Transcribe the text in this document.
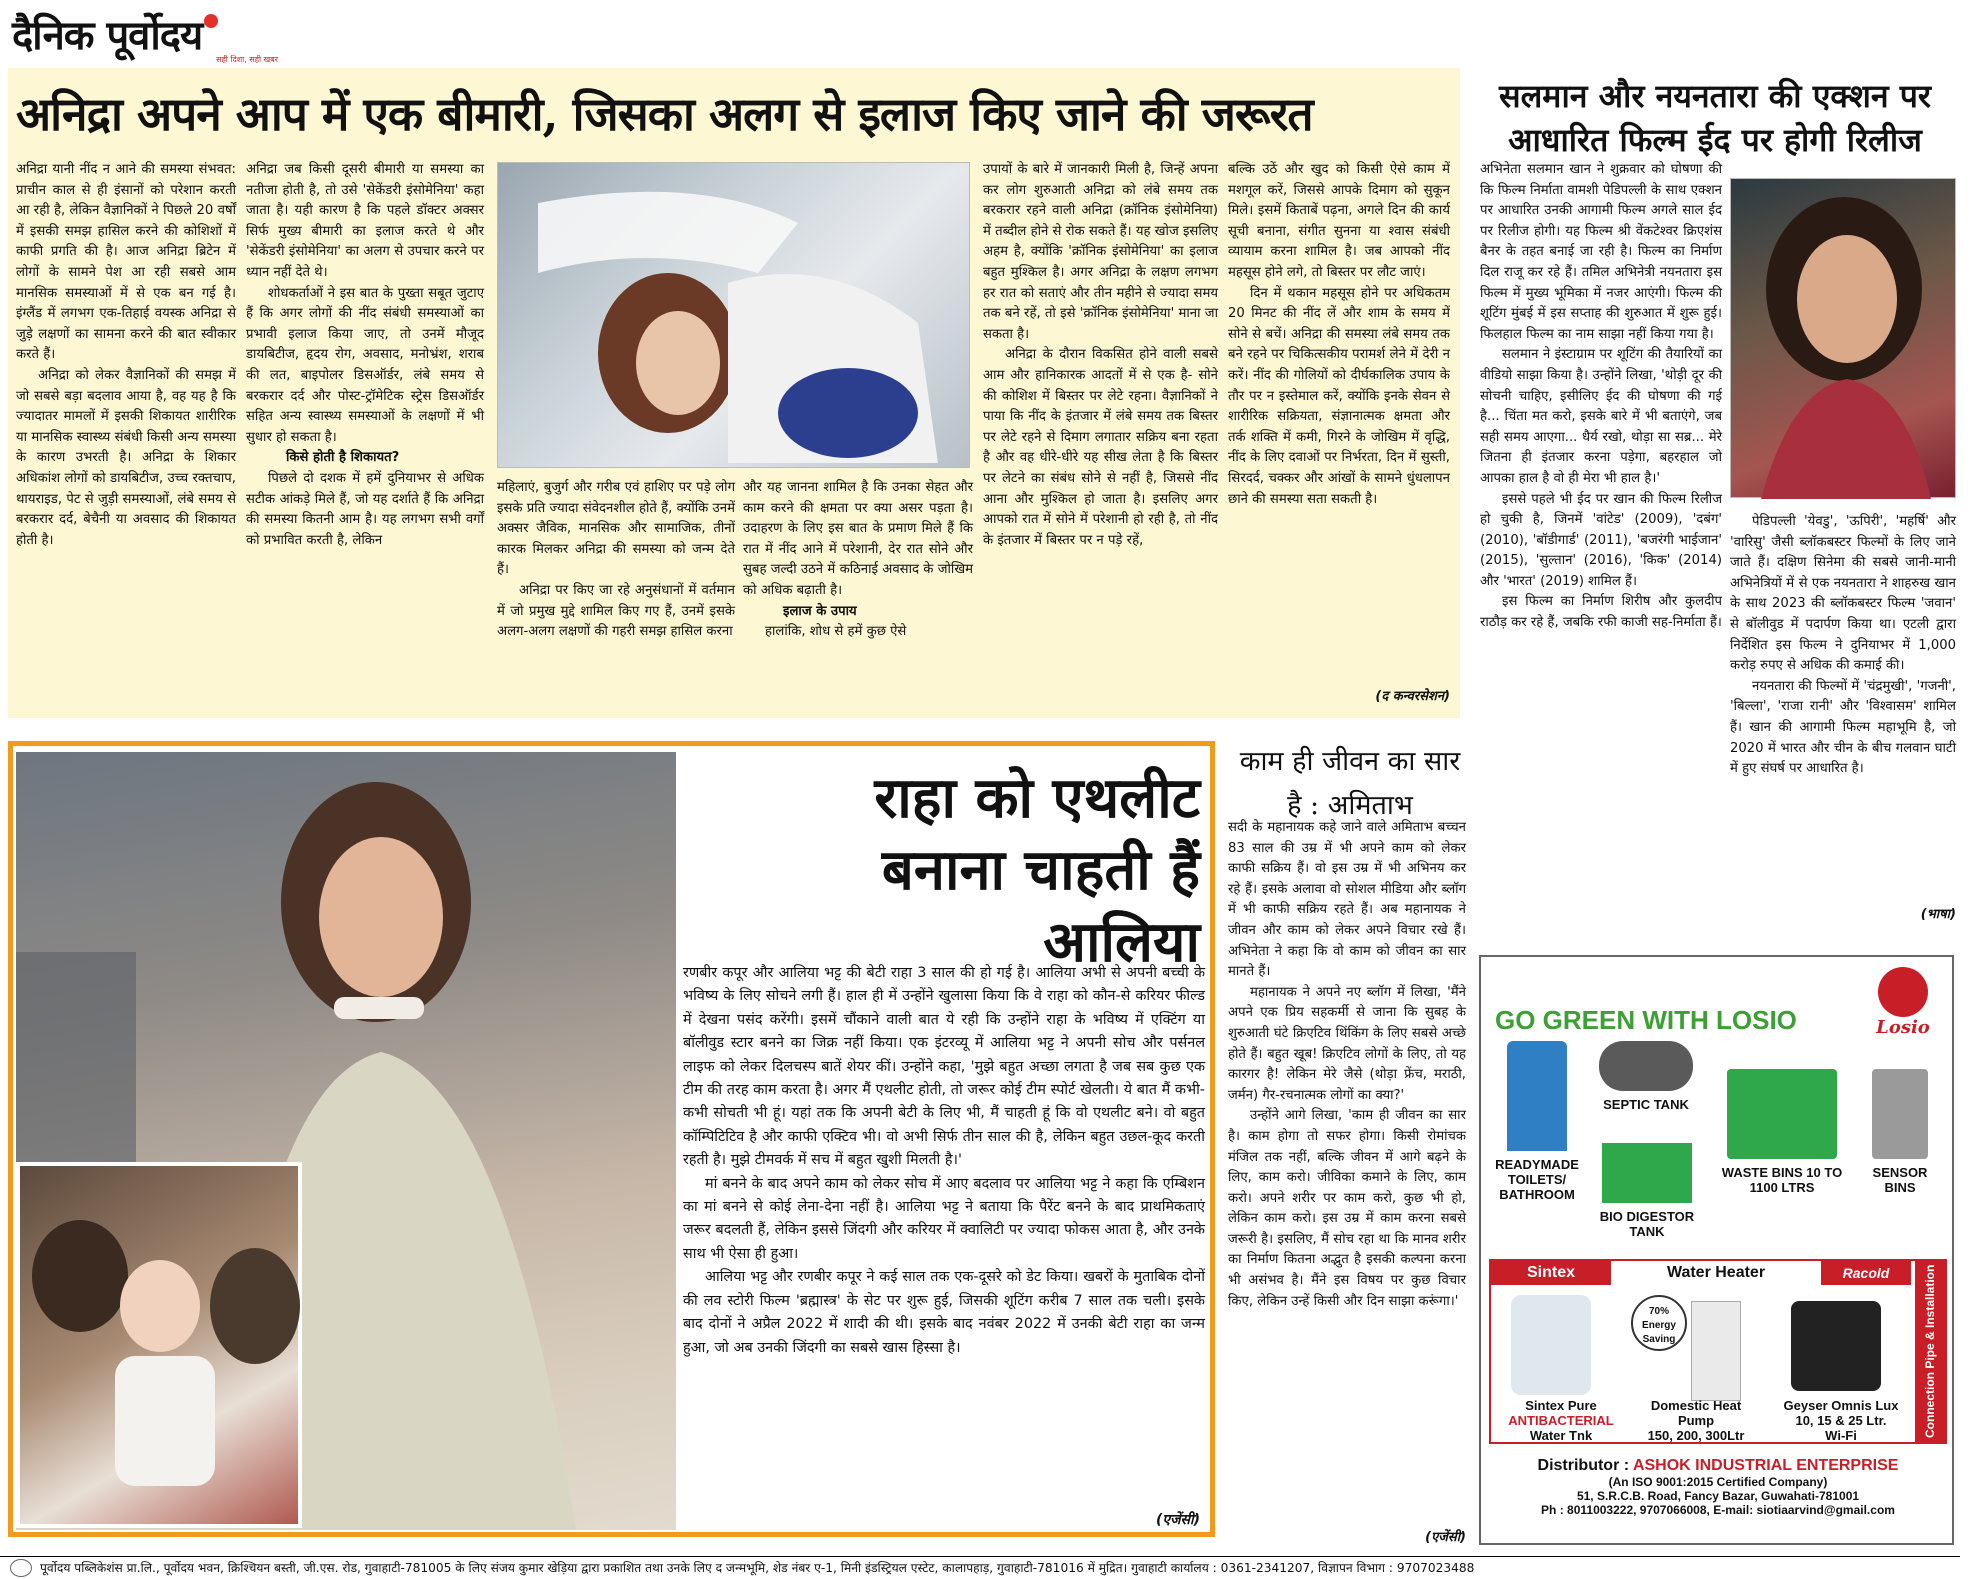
दैनिक पूर्वोदय
सही दिशा, सही खबर
अनिद्रा अपने आप में एक बीमारी, जिसका अलग से इलाज किए जाने की जरूरत

अनिद्रा यानी नींद न आने की समस्या संभवत: प्राचीन काल से ही इंसानों को परेशान करती आ रही है, लेकिन वैज्ञानिकों ने पिछले 20 वर्षों में इसकी समझ हासिल करने की कोशिशों में काफी प्रगति की है। आज अनिद्रा ब्रिटेन में लोगों के सामने पेश आ रही सबसे आम मानसिक समस्याओं में से एक बन गई है। इंग्लैंड में लगभग एक-तिहाई वयस्क अनिद्रा से जुड़े लक्षणों का सामना करने की बात स्वीकार करते हैं।

अनिद्रा को लेकर वैज्ञानिकों की समझ में जो सबसे बड़ा बदलाव आया है, वह यह है कि ज्यादातर मामलों में इसकी शिकायत शारीरिक या मानसिक स्वास्थ्य संबंधी किसी अन्य समस्या के कारण उभरती है। अनिद्रा के शिकार अधिकांश लोगों को डायबिटीज, उच्च रक्तचाप, थायराइड, पेट से जुड़ी समस्याओं, लंबे समय से बरकरार दर्द, बेचैनी या अवसाद की शिकायत होती है।

अनिद्रा जब किसी दूसरी बीमारी या समस्या का नतीजा होती है, तो उसे 'सेकेंडरी इंसोमेनिया' कहा जाता है। यही कारण है कि पहले डॉक्टर अक्सर सिर्फ मुख्य बीमारी का इलाज करते थे और 'सेकेंडरी इंसोमेनिया' का अलग से उपचार करने पर ध्यान नहीं देते थे।

शोधकर्ताओं ने इस बात के पुख्ता सबूत जुटाए हैं कि अगर लोगों की नींद संबंधी समस्याओं का प्रभावी इलाज किया जाए, तो उनमें मौजूद डायबिटीज, हृदय रोग, अवसाद, मनोभ्रंश, शराब की लत, बाइपोलर डिसऑर्डर, लंबे समय से बरकरार दर्द और पोस्ट-ट्रॉमेटिक स्ट्रेस डिसऑर्डर सहित अन्य स्वास्थ्य समस्याओं के लक्षणों में भी सुधार हो सकता है।

किसे होती है शिकायत?

पिछले दो दशक में हमें दुनियाभर से अधिक सटीक आंकड़े मिले हैं, जो यह दर्शाते हैं कि अनिद्रा की समस्या कितनी आम है। यह लगभग सभी वर्गों को प्रभावित करती है, लेकिन

महिलाएं, बुजुर्ग और गरीब एवं हाशिए पर पड़े लोग इसके प्रति ज्यादा संवेदनशील होते हैं, क्योंकि उनमें अक्सर जैविक, मानसिक और सामाजिक, तीनों कारक मिलकर अनिद्रा की समस्या को जन्म देते हैं।

अनिद्रा पर किए जा रहे अनुसंधानों में वर्तमान में जो प्रमुख मुद्दे शामिल किए गए हैं, उनमें इसके अलग-अलग लक्षणों की गहरी समझ हासिल करना

और यह जानना शामिल है कि उनका सेहत और काम करने की क्षमता पर क्या असर पड़ता है। उदाहरण के लिए इस बात के प्रमाण मिले हैं कि रात में नींद आने में परेशानी, देर रात सोने और सुबह जल्दी उठने में कठिनाई अवसाद के जोखिम को अधिक बढ़ाती है।

इलाज के उपाय

हालांकि, शोध से हमें कुछ ऐसे

उपायों के बारे में जानकारी मिली है, जिन्हें अपना कर लोग शुरुआती अनिद्रा को लंबे समय तक बरकरार रहने वाली अनिद्रा (क्रॉनिक इंसोमेनिया) में तब्दील होने से रोक सकते हैं। यह खोज इसलिए अहम है, क्योंकि 'क्रॉनिक इंसोमेनिया' का इलाज बहुत मुश्किल है। अगर अनिद्रा के लक्षण लगभग हर रात को सताएं और तीन महीने से ज्यादा समय तक बने रहें, तो इसे 'क्रॉनिक इंसोमेनिया' माना जा सकता है।

अनिद्रा के दौरान विकसित होने वाली सबसे आम और हानिकारक आदतों में से एक है- सोने की कोशिश में बिस्तर पर लेटे रहना। वैज्ञानिकों ने पाया कि नींद के इंतजार में लंबे समय तक बिस्तर पर लेटे रहने से दिमाग लगातार सक्रिय बना रहता है और वह धीरे-धीरे यह सीख लेता है कि बिस्तर पर लेटने का संबंध सोने से नहीं है, जिससे नींद आना और मुश्किल हो जाता है। इसलिए अगर आपको रात में सोने में परेशानी हो रही है, तो नींद के इंतजार में बिस्तर पर न पड़े रहें,

बल्कि उठें और खुद को किसी ऐसे काम में मशगूल करें, जिससे आपके दिमाग को सुकून मिले। इसमें किताबें पढ़ना, अगले दिन की कार्य सूची बनाना, संगीत सुनना या श्वास संबंधी व्यायाम करना शामिल है। जब आपको नींद महसूस होने लगे, तो बिस्तर पर लौट जाएं।

दिन में थकान महसूस होने पर अधिकतम 20 मिनट की नींद लें और शाम के समय में सोने से बचें। अनिद्रा की समस्या लंबे समय तक बने रहने पर चिकित्सकीय परामर्श लेने में देरी न करें। नींद की गोलियों को दीर्घकालिक उपाय के तौर पर न इस्तेमाल करें, क्योंकि इनके सेवन से शारीरिक सक्रियता, संज्ञानात्मक क्षमता और तर्क शक्ति में कमी, गिरने के जोखिम में वृद्धि, नींद के लिए दवाओं पर निर्भरता, दिन में सुस्ती, सिरदर्द, चक्कर और आंखों के सामने धुंधलापन छाने की समस्या सता सकती है।

(द कन्वरसेशन)
सलमान और नयनतारा की एक्शन पर आधारित फिल्म ईद पर होगी रिलीज

अभिनेता सलमान खान ने शुक्रवार को घोषणा की कि फिल्म निर्माता वामशी पेडिपल्ली के साथ एक्शन पर आधारित उनकी आगामी फिल्म अगले साल ईद पर रिलीज होगी। यह फिल्म श्री वेंकटेश्वर क्रिएशंस बैनर के तहत बनाई जा रही है। फिल्म का निर्माण दिल राजू कर रहे हैं। तमिल अभिनेत्री नयनतारा इस फिल्म में मुख्य भूमिका में नजर आएंगी। फिल्म की शूटिंग मुंबई में इस सप्ताह की शुरुआत में शुरू हुई। फिलहाल फिल्म का नाम साझा नहीं किया गया है।

सलमान ने इंस्टाग्राम पर शूटिंग की तैयारियों का वीडियो साझा किया है। उन्होंने लिखा, 'थोड़ी दूर की सोचनी चाहिए, इसीलिए ईद की घोषणा की गई है... चिंता मत करो, इसके बारे में भी बताएंगे, जब सही समय आएगा... धैर्य रखो, थोड़ा सा सब्र... मेरे जितना ही इंतजार करना पड़ेगा, बहरहाल जो आपका हाल है वो ही मेरा भी हाल है।'

इससे पहले भी ईद पर खान की फिल्म रिलीज हो चुकी है, जिनमें 'वांटेड' (2009), 'दबंग' (2010), 'बॉडीगार्ड' (2011), 'बजरंगी भाईजान' (2015), 'सुल्तान' (2016), 'किक' (2014) और 'भारत' (2019) शामिल हैं।

इस फिल्म का निर्माण शिरीष और कुलदीप राठौड़ कर रहे हैं, जबकि रफी काजी सह-निर्माता हैं।

पेडिपल्ली 'येवडु', 'ऊपिरी', 'महर्षि' और 'वारिसु' जैसी ब्लॉकबस्टर फिल्मों के लिए जाने जाते हैं। दक्षिण सिनेमा की सबसे जानी-मानी अभिनेत्रियों में से एक नयनतारा ने शाहरुख खान के साथ 2023 की ब्लॉकबस्टर फिल्म 'जवान' से बॉलीवुड में पदार्पण किया था। एटली द्वारा निर्देशित इस फिल्म ने दुनियाभर में 1,000 करोड़ रुपए से अधिक की कमाई की।

नयनतारा की फिल्मों में 'चंद्रमुखी', 'गजनी', 'बिल्ला', 'राजा रानी' और 'विश्वासम' शामिल हैं। खान की आगामी फिल्म महाभूमि है, जो 2020 में भारत और चीन के बीच गलवान घाटी में हुए संघर्ष पर आधारित है।

(भाषा)
राहा को एथलीट
बनाना चाहती हैं
आलिया

रणबीर कपूर और आलिया भट्ट की बेटी राहा 3 साल की हो गई है। आलिया अभी से अपनी बच्ची के भविष्य के लिए सोचने लगी हैं। हाल ही में उन्होंने खुलासा किया कि वे राहा को कौन-से करियर फील्ड में देखना पसंद करेंगी। इसमें चौंकाने वाली बात ये रही कि उन्होंने राहा के भविष्य में एक्टिंग या बॉलीवुड स्टार बनने का जिक्र नहीं किया। एक इंटरव्यू में आलिया भट्ट ने अपनी सोच और पर्सनल लाइफ को लेकर दिलचस्प बातें शेयर कीं। उन्होंने कहा, 'मुझे बहुत अच्छा लगता है जब सब कुछ एक टीम की तरह काम करता है। अगर मैं एथलीट होती, तो जरूर कोई टीम स्पोर्ट खेलती। ये बात मैं कभी-कभी सोचती भी हूं। यहां तक कि अपनी बेटी के लिए भी, मैं चाहती हूं कि वो एथलीट बने। वो बहुत कॉम्पिटिटिव है और काफी एक्टिव भी। वो अभी सिर्फ तीन साल की है, लेकिन बहुत उछल-कूद करती रहती है। मुझे टीमवर्क में सच में बहुत खुशी मिलती है।'

मां बनने के बाद अपने काम को लेकर सोच में आए बदलाव पर आलिया भट्ट ने कहा कि एम्बिशन का मां बनने से कोई लेना-देना नहीं है। आलिया भट्ट ने बताया कि पैरेंट बनने के बाद प्राथमिकताएं जरूर बदलती हैं, लेकिन इससे जिंदगी और करियर में क्वालिटी पर ज्यादा फोकस आता है, और उनके साथ भी ऐसा ही हुआ।

आलिया भट्ट और रणबीर कपूर ने कई साल तक एक-दूसरे को डेट किया। खबरों के मुताबिक दोनों की लव स्टोरी फिल्म 'ब्रह्मास्त्र' के सेट पर शुरू हुई, जिसकी शूटिंग करीब 7 साल तक चली। इसके बाद दोनों ने अप्रैल 2022 में शादी की थी। इसके बाद नवंबर 2022 में उनकी बेटी राहा का जन्म हुआ, जो अब उनकी जिंदगी का सबसे खास हिस्सा है।

(एजेंसी)
काम ही जीवन का सार है : अमिताभ

सदी के महानायक कहे जाने वाले अमिताभ बच्चन 83 साल की उम्र में भी अपने काम को लेकर काफी सक्रिय हैं। वो इस उम्र में भी अभिनय कर रहे हैं। इसके अलावा वो सोशल मीडिया और ब्लॉग में भी काफी सक्रिय रहते हैं। अब महानायक ने जीवन और काम को लेकर अपने विचार रखे हैं। अभिनेता ने कहा कि वो काम को जीवन का सार मानते हैं।

महानायक ने अपने नए ब्लॉग में लिखा, 'मैंने अपने एक प्रिय सहकर्मी से जाना कि सुबह के शुरुआती घंटे क्रिएटिव थिंकिंग के लिए सबसे अच्छे होते हैं। बहुत खूब! क्रिएटिव लोगों के लिए, तो यह कारगर है! लेकिन मेरे जैसे (थोड़ा फ्रेंच, मराठी, जर्मन) गैर-रचनात्मक लोगों का क्या?'

उन्होंने आगे लिखा, 'काम ही जीवन का सार है। काम होगा तो सफर होगा। किसी रोमांचक मंजिल तक नहीं, बल्कि जीवन में आगे बढ़ने के लिए, काम करो। जीविका कमाने के लिए, काम करो। अपने शरीर पर काम करो, कुछ भी हो, लेकिन काम करो। इस उम्र में काम करना सबसे जरूरी है। इसलिए, मैं सोच रहा था कि मानव शरीर का निर्माण कितना अद्भुत है इसकी कल्पना करना भी असंभव है। मैंने इस विषय पर कुछ विचार किए, लेकिन उन्हें किसी और दिन साझा करूंगा।'

(एजेंसी)
Losio
GO GREEN WITH LOSIO
READYMADE TOILETS/ BATHROOM
SEPTIC TANK
BIO DIGESTOR TANK
WASTE BINS 10 TO 1100 LTRS
SENSOR BINS
Sintex	Water Heater	Racold	Connection Pipe & Installation FREE
70% Energy Saving
Sintex Pure
ANTIBACTERIAL
Water Tnk
Domestic Heat
Pump
150, 200, 300Ltr
Geyser Omnis Lux
10, 15 & 25 Ltr.
Wi-Fi
Distributor : ASHOK INDUSTRIAL ENTERPRISE
(An ISO 9001:2015 Certified Company)
51, S.R.C.B. Road, Fancy Bazar, Guwahati-781001
Ph : 8011003222, 9707066008, E-mail: siotiaarvind@gmail.com
पूर्वोदय पब्लिकेशंस प्रा.लि., पूर्वोदय भवन, क्रिश्चियन बस्ती, जी.एस. रोड, गुवाहाटी-781005 के लिए संजय कुमार खेड़िया द्वारा प्रकाशित तथा उनके लिए द जन्मभूमि, शेड नंबर ए-1, मिनी इंडस्ट्रियल एस्टेट, कालापहाड़, गुवाहाटी-781016 में मुद्रित। गुवाहाटी कार्यालय : 0361-2341207, विज्ञापन विभाग : 9707023488
